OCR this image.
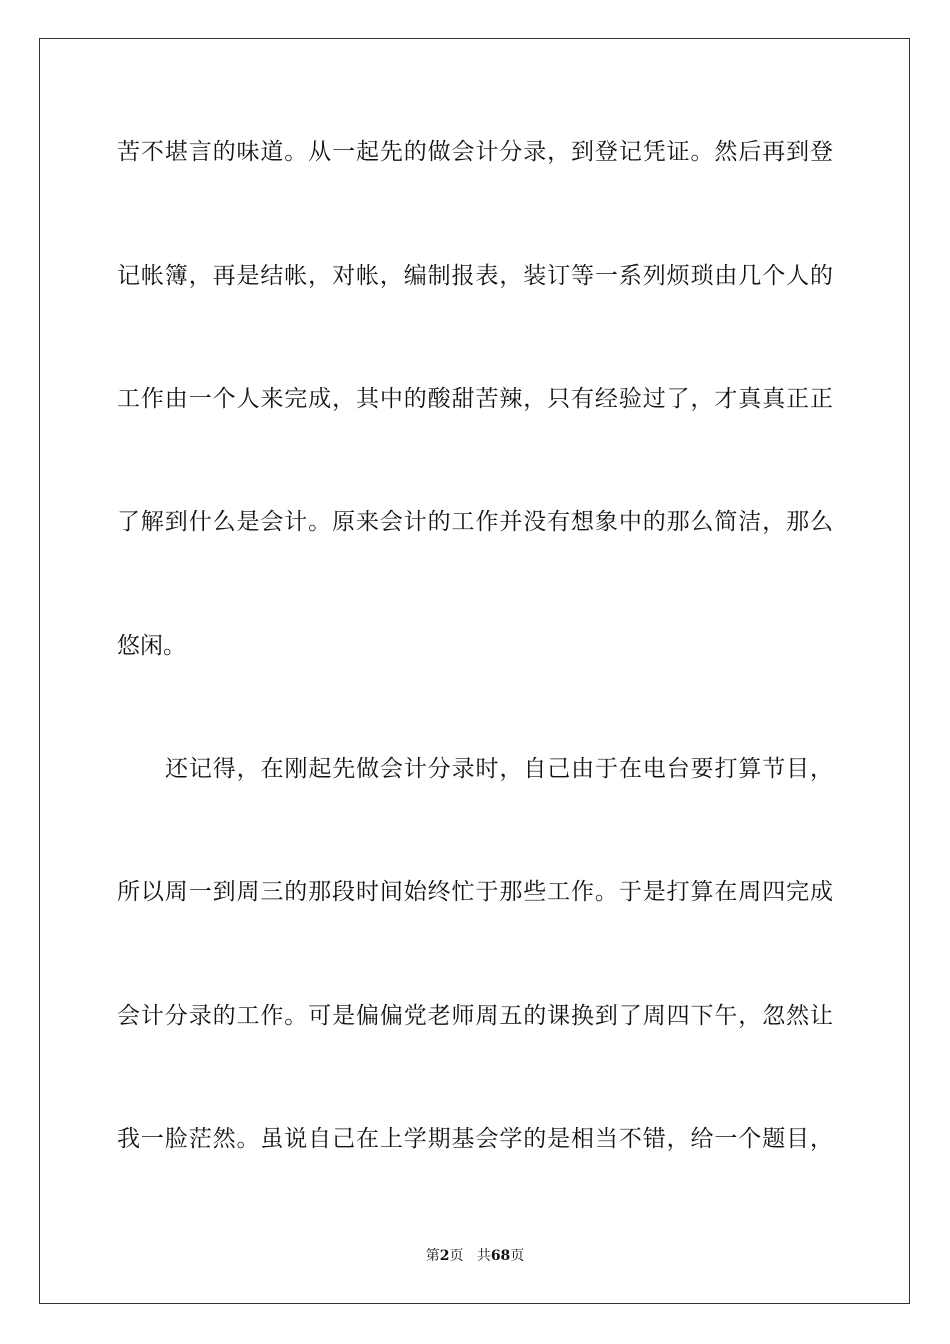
苦不堪言的味道。从一起先的做会计分录，到登记凭证。然后再到登
记帐簿，再是结帐，对帐，编制报表，装订等一系列烦琐由几个人的
工作由一个人来完成，其中的酸甜苦辣，只有经验过了，才真真正正
了解到什么是会计。原来会计的工作并没有想象中的那么简洁，那么
悠闲。
还记得，在刚起先做会计分录时，自己由于在电台要打算节目，
所以周一到周三的那段时间始终忙于那些工作。于是打算在周四完成
会计分录的工作。可是偏偏党老师周五的课换到了周四下午，忽然让
我一脸茫然。虽说自己在上学期基会学的是相当不错，给一个题目，
第2页 共68页
